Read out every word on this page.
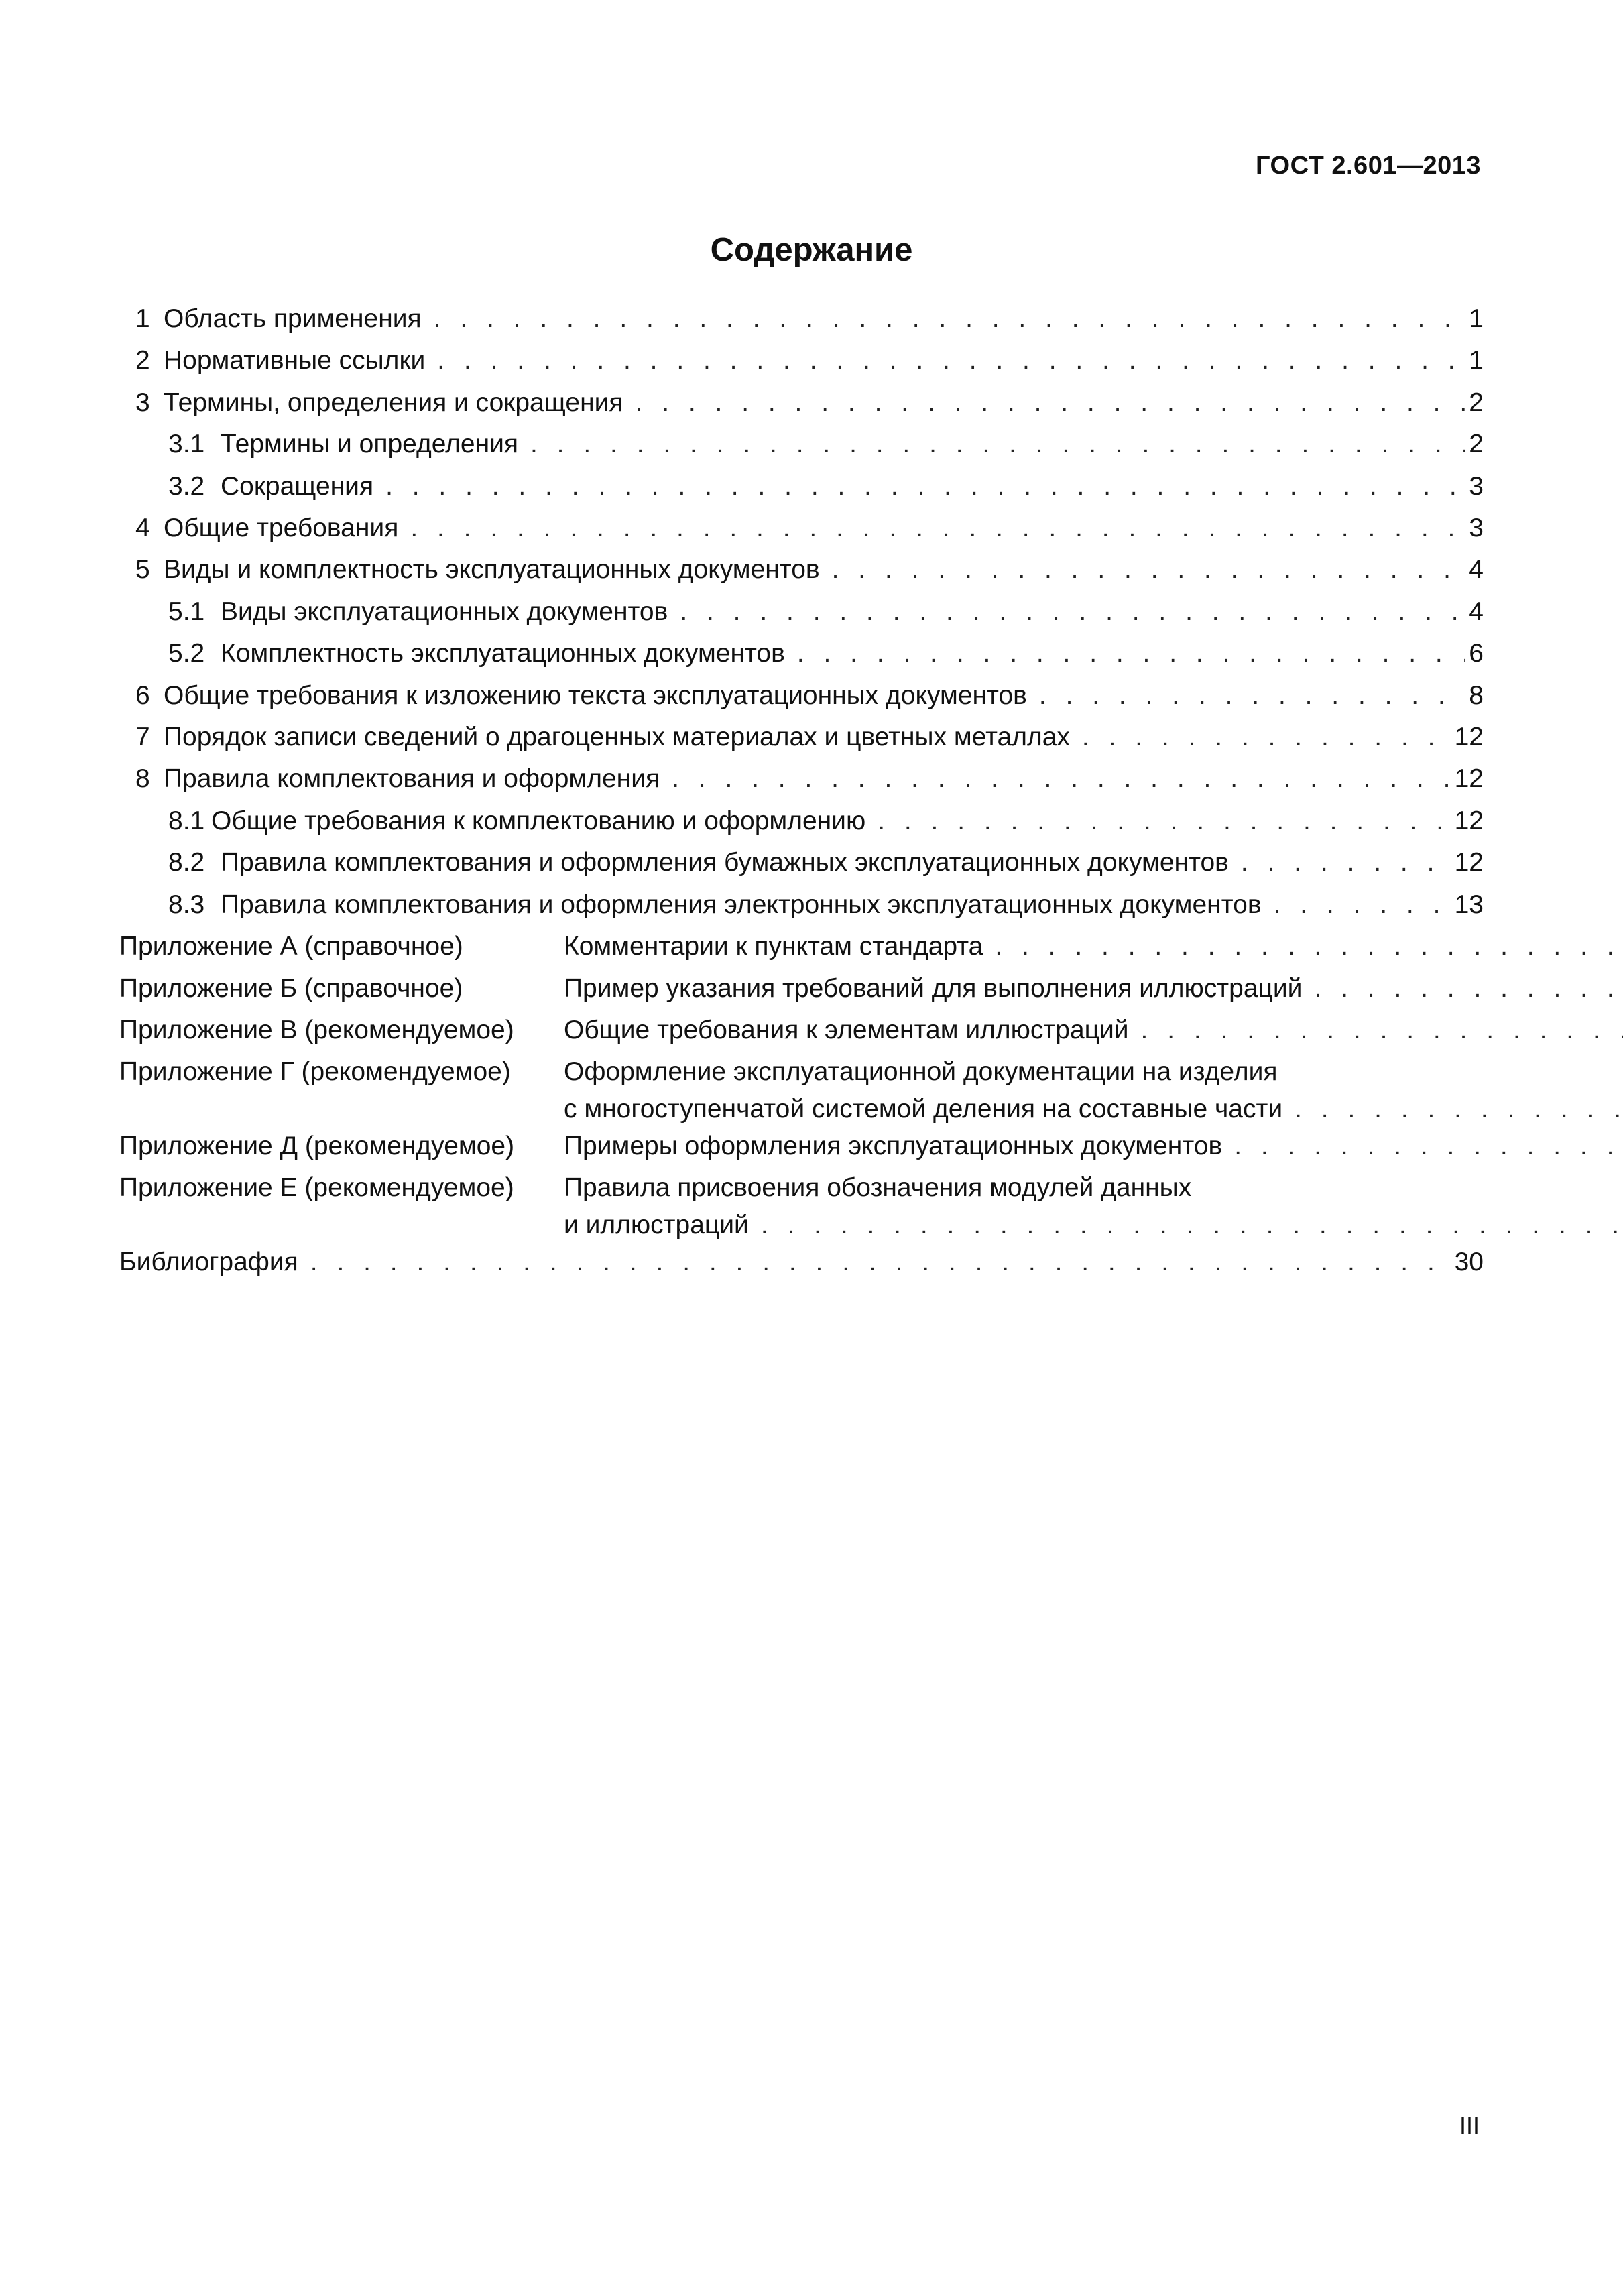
ГОСТ 2.601—2013
Содержание
1 Область применения . . .	1
2 Нормативные ссылки . . .	1
3 Термины, определения и сокращения . . .	2
3.1 Термины и определения . . .	2
3.2 Сокращения . . .	3
4 Общие требования . . .	3
5 Виды и комплектность эксплуатационных документов . . .	4
5.1 Виды эксплуатационных документов . . .	4
5.2 Комплектность эксплуатационных документов . . .	6
6 Общие требования к изложению текста эксплуатационных документов . . .	8
7 Порядок записи сведений о драгоценных материалах и цветных металлах . . .	12
8 Правила комплектования и оформления . . .	12
8.1 Общие требования к комплектованию и оформлению . . .	12
8.2 Правила комплектования и оформления бумажных эксплуатационных документов . . .	12
8.3 Правила комплектования и оформления электронных эксплуатационных документов . . .	13
Приложение А (справочное)	Комментарии к пунктам стандарта
. . .
Приложение Б (справочное)	Пример указания требований для выполнения иллюстраций
. . .
Приложение В (рекомендуемое)	Общие требования к элементам иллюстраций
. . .
Приложение Г (рекомендуемое)	Оформление эксплуатационной документации на изделия
с многоступенчатой системой деления на составные части
. . .
Приложение Д (рекомендуемое)	Примеры оформления эксплуатационных документов
. . .
Приложение Е (рекомендуемое)	Правила присвоения обозначения модулей данных
и иллюстраций
. . .
Библиография . . .	30
III
